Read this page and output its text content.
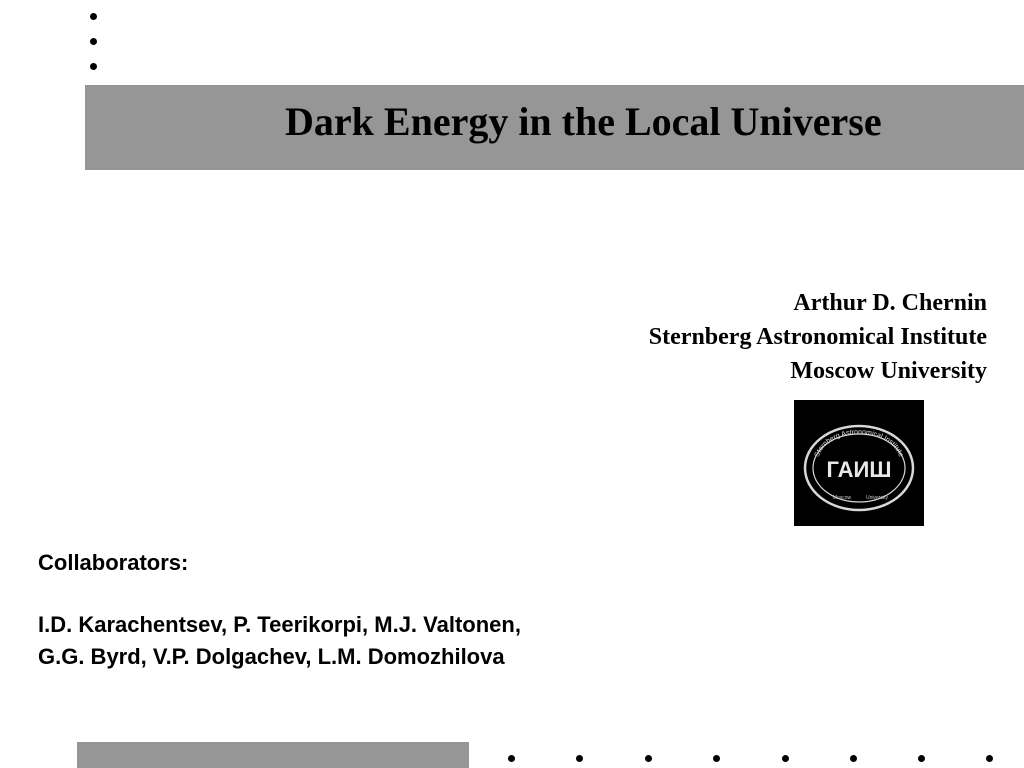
Dark Energy in the Local Universe
Arthur D. Chernin
Sternberg Astronomical Institute
Moscow University
Sternberg Astronomical Institute
ГАИШ
Moscow	University
Collaborators:
I.D. Karachentsev, P. Teerikorpi, M.J. Valtonen,
G.G. Byrd, V.P. Dolgachev, L.M. Domozhilova
